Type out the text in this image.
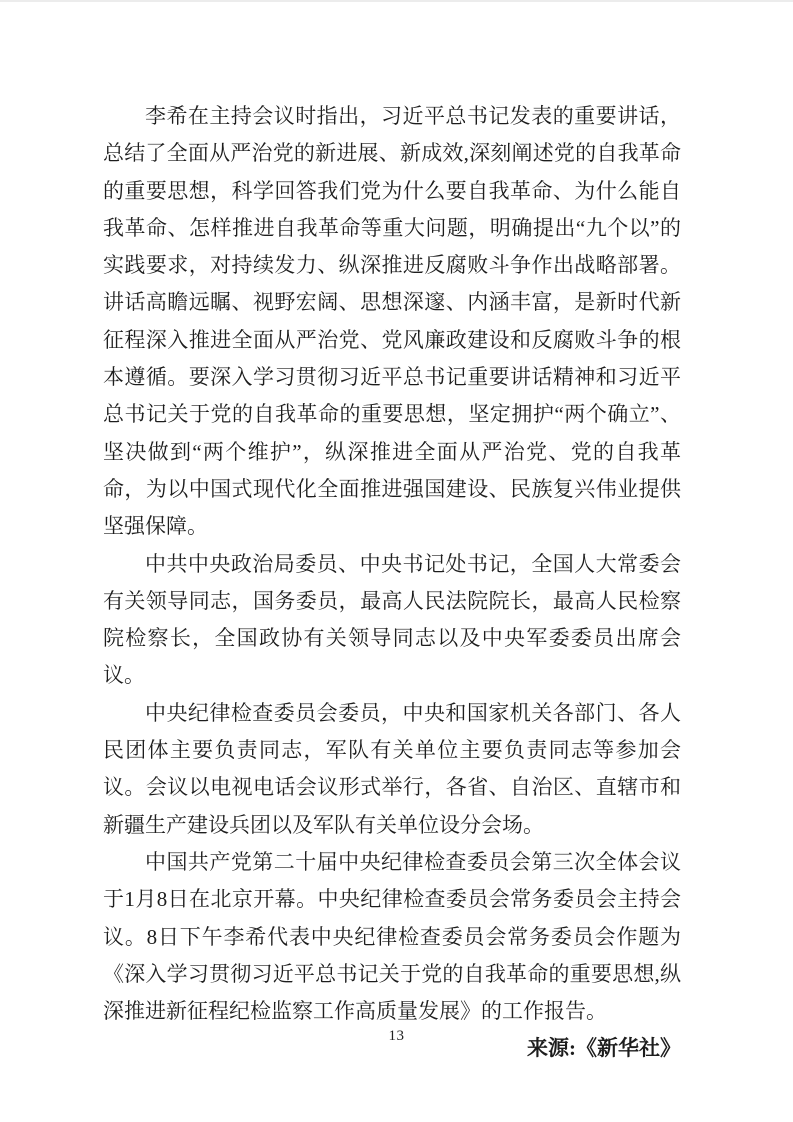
李希在主持会议时指出，习近平总书记发表的重要讲话，总结了全面从严治党的新进展、新成效,深刻阐述党的自我革命的重要思想，科学回答我们党为什么要自我革命、为什么能自我革命、怎样推进自我革命等重大问题，明确提出“九个以”的实践要求，对持续发力、纵深推进反腐败斗争作出战略部署。讲话高瞻远瞩、视野宏阔、思想深邃、内涵丰富，是新时代新征程深入推进全面从严治党、党风廉政建设和反腐败斗争的根本遵循。要深入学习贯彻习近平总书记重要讲话精神和习近平总书记关于党的自我革命的重要思想，坚定拥护“两个确立”、坚决做到“两个维护”，纵深推进全面从严治党、党的自我革命，为以中国式现代化全面推进强国建设、民族复兴伟业提供坚强保障。

中共中央政治局委员、中央书记处书记，全国人大常委会有关领导同志，国务委员，最高人民法院院长，最高人民检察院检察长，全国政协有关领导同志以及中央军委委员出席会议。

中央纪律检查委员会委员，中央和国家机关各部门、各人民团体主要负责同志，军队有关单位主要负责同志等参加会议。会议以电视电话会议形式举行，各省、自治区、直辖市和新疆生产建设兵团以及军队有关单位设分会场。

中国共产党第二十届中央纪律检查委员会第三次全体会议于1月8日在北京开幕。中央纪律检查委员会常务委员会主持会议。8日下午李希代表中央纪律检查委员会常务委员会作题为《深入学习贯彻习近平总书记关于党的自我革命的重要思想,纵深推进新征程纪检监察工作高质量发展》的工作报告。

来源:《新华社》

13
